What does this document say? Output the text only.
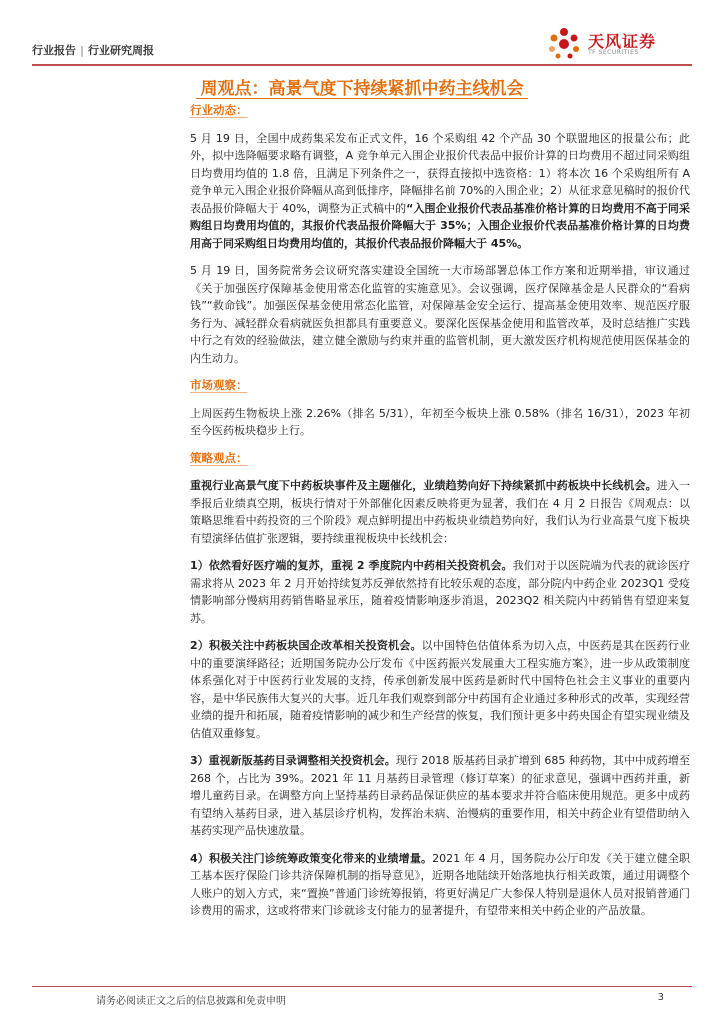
行业报告 | 行业研究周报	天风证券
TF SECURITIES
周观点：高景气度下持续紧抓中药主线机会
行业动态：

5 月 19 日，全国中成药集采发布正式文件，16 个采购组 42 个产品 30 个联盟地区的报量公布；此外，拟中选降幅要求略有调整，A 竞争单元入围企业报价代表品中报价计算的日均费用不超过同采购组日均费用均值的 1.8 倍，且满足下列条件之一，获得直接拟中选资格：1）将本次 16 个采购组所有 A 竞争单元入围企业报价降幅从高到低排序，降幅排名前 70%的入围企业；2）从征求意见稿时的报价代表品报价降幅大于 40%，调整为正式稿中的“入围企业报价代表品基准价格计算的日均费用不高于同采购组日均费用均值的，其报价代表品报价降幅大于 35%；入围企业报价代表品基准价格计算的日均费用高于同采购组日均费用均值的，其报价代表品报价降幅大于 45%。

5 月 19 日，国务院常务会议研究落实建设全国统一大市场部署总体工作方案和近期举措，审议通过《关于加强医疗保障基金使用常态化监管的实施意见》。会议强调，医疗保障基金是人民群众的“看病钱”“救命钱”。加强医保基金使用常态化监管，对保障基金安全运行、提高基金使用效率、规范医疗服务行为、减轻群众看病就医负担都具有重要意义。要深化医保基金使用和监管改革，及时总结推广实践中行之有效的经验做法，建立健全激励与约束并重的监管机制，更大激发医疗机构规范使用医保基金的内生动力。

市场观察：

上周医药生物板块上涨 2.26%（排名 5/31），年初至今板块上涨 0.58%（排名 16/31），2023 年初至今医药板块稳步上行。

策略观点：

重视行业高景气度下中药板块事件及主题催化，业绩趋势向好下持续紧抓中药板块中长线机会。进入一季报后业绩真空期，板块行情对于外部催化因素反映将更为显著，我们在 4 月 2 日报告《周观点：以策略思维看中药投资的三个阶段》观点鲜明提出中药板块业绩趋势向好，我们认为行业高景气度下板块有望演绎估值扩张逻辑，要持续重视板块中长线机会：

1）依然看好医疗端的复苏，重视 2 季度院内中药相关投资机会。我们对于以医院端为代表的就诊医疗需求将从 2023 年 2 月开始持续复苏反弹依然持有比较乐观的态度，部分院内中药企业 2023Q1 受疫情影响部分慢病用药销售略显承压，随着疫情影响逐步消退，2023Q2 相关院内中药销售有望迎来复苏。

2）积极关注中药板块国企改革相关投资机会。以中国特色估值体系为切入点，中医药是其在医药行业中的重要演绎路径；近期国务院办公厅发布《中医药振兴发展重大工程实施方案》，进一步从政策制度体系强化对于中医药行业发展的支持，传承创新发展中医药是新时代中国特色社会主义事业的重要内容，是中华民族伟大复兴的大事。近几年我们观察到部分中药国有企业通过多种形式的改革，实现经营业绩的提升和拓展，随着疫情影响的减少和生产经营的恢复，我们预计更多中药央国企有望实现业绩及估值双重修复。

3）重视新版基药目录调整相关投资机会。现行 2018 版基药目录扩增到 685 种药物，其中中成药增至 268 个，占比为 39%。2021 年 11 月基药目录管理（修订草案）的征求意见，强调中西药并重，新增儿童药目录。在调整方向上坚持基药目录药品保证供应的基本要求并符合临床使用规范。更多中成药有望纳入基药目录，进入基层诊疗机构，发挥治未病、治慢病的重要作用，相关中药企业有望借助纳入基药实现产品快速放量。

4）积极关注门诊统筹政策变化带来的业绩增量。2021 年 4 月，国务院办公厅印发《关于建立健全职工基本医疗保险门诊共济保障机制的指导意见》，近期各地陆续开始落地执行相关政策，通过用调整个人账户的划入方式，来“置换”普通门诊统筹报销，将更好满足广大参保人特别是退休人员对报销普通门诊费用的需求，这或将带来门诊就诊支付能力的显著提升，有望带来相关中药企业的产品放量。

请务必阅读正文之后的信息披露和免责申明	3
